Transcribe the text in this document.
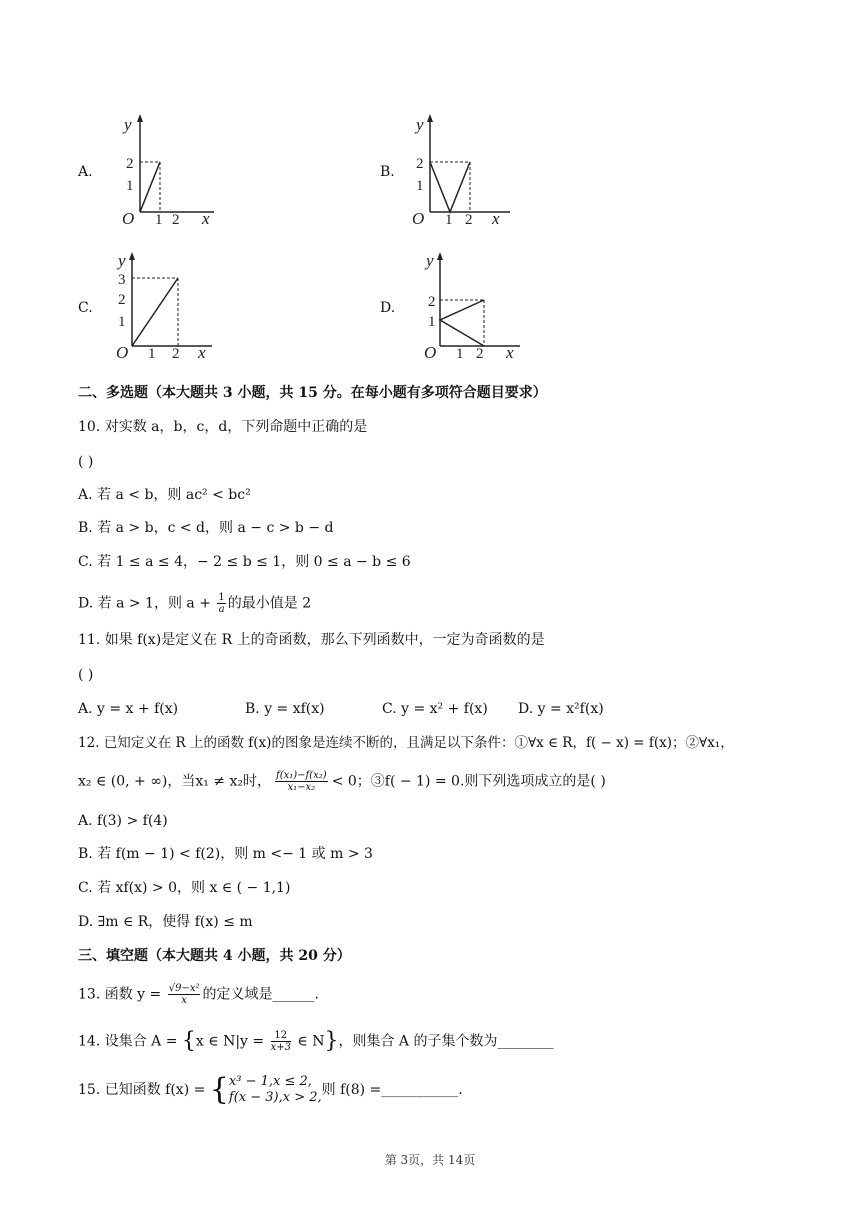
A.
y
2
1
O 1 2 x
B.
y
2
1
O 1 2 x
C.
y
3
2
1
O 1 2 x
D.
y
2
1
O 1 2 x
二、多选题（本大题共 3 小题，共 15 分。在每小题有多项符合题目要求）
10. 对实数 a，b，c，d，下列命题中正确的是
( )
A. 若 a < b，则 ac² < bc²
B. 若 a > b，c < d，则 a − c > b − d
C. 若 1 ≤ a ≤ 4，− 2 ≤ b ≤ 1，则 0 ≤ a − b ≤ 6
D. 若 a > 1，则 $a + \frac{1}{a}$ 的最小值是 2
11. 如果 f(x)是定义在 R 上的奇函数，那么下列函数中，一定为奇函数的是
( )
A. y = x + f(x)	B. y = xf(x)	C. y = x² + f(x) D. y = x²f(x)
12. 已知定义在 R 上的函数 f(x)的图象是连续不断的，且满足以下条件：①∀x ∈ R，f( − x) = f(x)；②∀x₁，
x₂ ∈ (0, + ∞)，当x₁ ≠ x₂时， $\frac{\text{f(x₁)−f(x₂)}}{\text{x₁−x₂}} < 0$；③f( − 1) = 0.则下列选项成立的是( )
A. f(3) > f(4)
B. 若 f(m − 1) < f(2)，则 m <− 1 或 m > 3
C. 若 xf(x) > 0，则 x ∈ ( − 1,1)
D. ∃m ∈ R，使得 f(x) ≤ m
三、填空题（本大题共 4 小题，共 20 分）
13. 函数 $y = \frac{\text{√9−x²}}{x}$ 的定义域是______.
14. 设集合 A = {x ∈ $N|y = \frac{12}{x+3}$ ∈ N}，则集合 A 的子集个数为________
15. 已知函数 f(x) = { x³ − 1,x ≤ 2,
f(x − 3),x > 2, 则 f(8) =___________.
第 3页，共 14页
